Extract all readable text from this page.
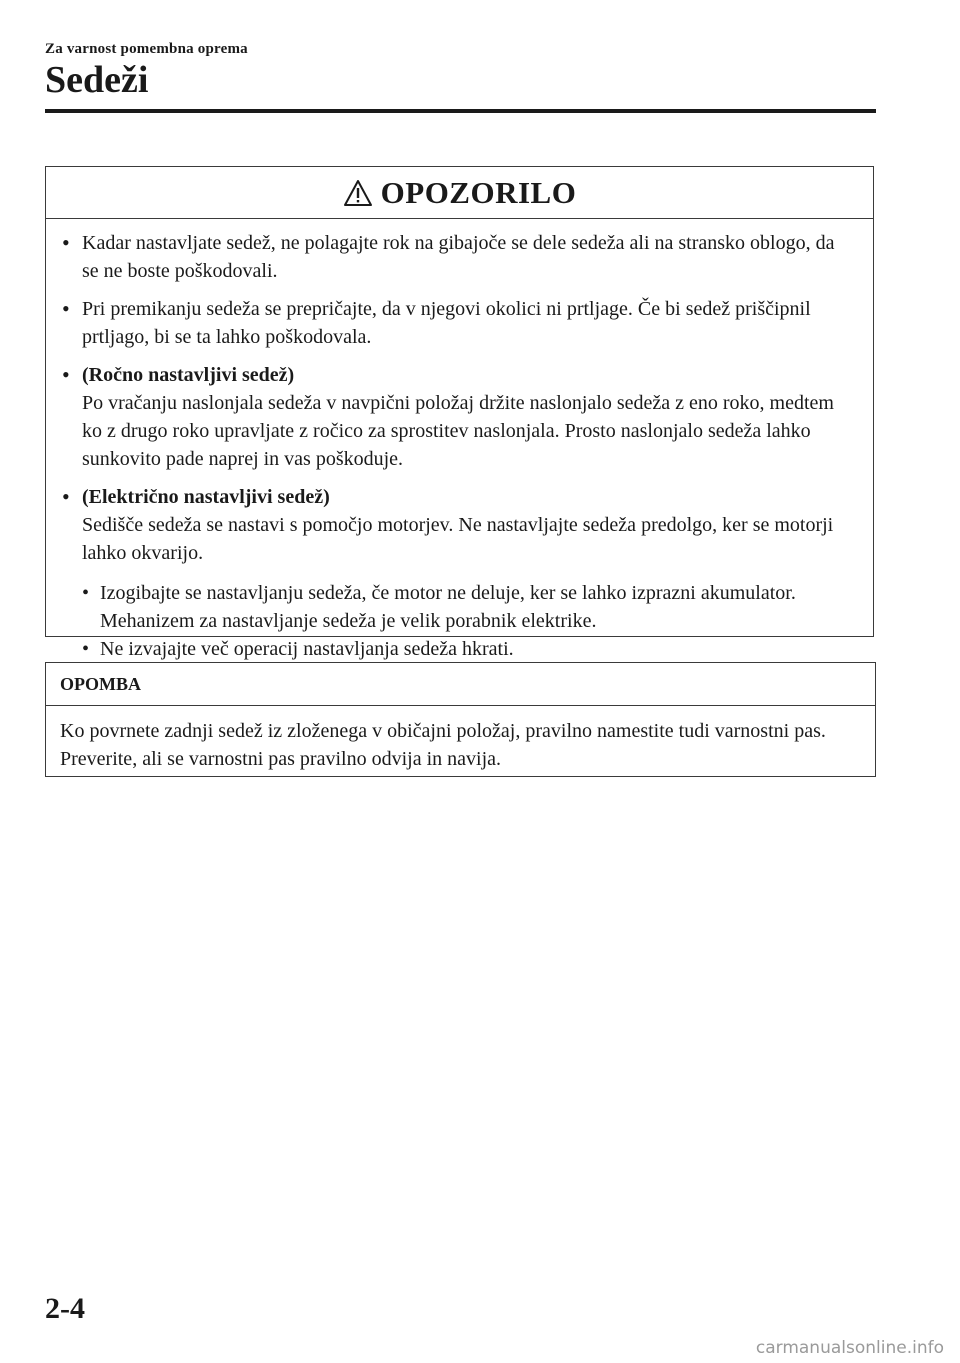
Za varnost pomembna oprema
Sedeži
OPOZORILO
• Kadar nastavljate sedež, ne polagajte rok na gibajoče se dele sedeža ali na stransko oblogo, da se ne boste poškodovali.
• Pri premikanju sedeža se prepričajte, da v njegovi okolici ni prtljage. Če bi sedež priščipnil prtljago, bi se ta lahko poškodovala.
• (Ročno nastavljivi sedež)
Po vračanju naslonjala sedeža v navpični položaj držite naslonjalo sedeža z eno roko, medtem ko z drugo roko upravljate z ročico za sprostitev naslonjala. Prosto naslonjalo sedeža lahko sunkovito pade naprej in vas poškoduje.
• (Električno nastavljivi sedež)
Sedišče sedeža se nastavi s pomočjo motorjev. Ne nastavljajte sedeža predolgo, ker se motorji lahko okvarijo.
• Izogibajte se nastavljanju sedeža, če motor ne deluje, ker se lahko izprazni akumulator. Mehanizem za nastavljanje sedeža je velik porabnik elektrike.
• Ne izvajajte več operacij nastavljanja sedeža hkrati.
OPOMBA
Ko povrnete zadnji sedež iz zloženega v običajni položaj, pravilno namestite tudi varnostni pas. Preverite, ali se varnostni pas pravilno odvija in navija.
2-4
carmanualsonline.info
